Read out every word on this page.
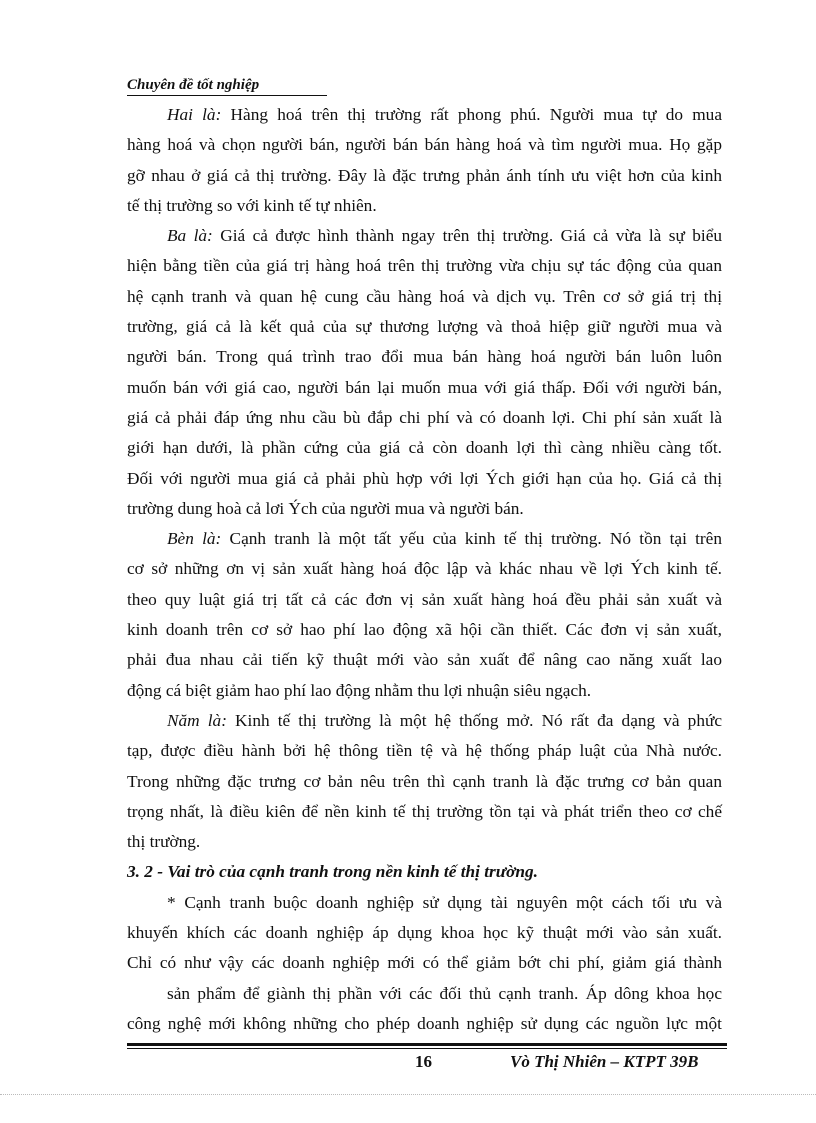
Chuyên đề tốt nghiệp
Hai là: Hàng hoá trên thị trường rất phong phú. Người mua tự do mua
hàng hoá và chọn người bán, người bán bán hàng hoá và tìm người mua. Họ gặp
gỡ nhau ở giá cả thị trường. Đây là đặc trưng phản ánh tính ưu việt hơn của kinh
tế thị trường so với kinh tế tự nhiên.
Ba là: Giá cả được hình thành ngay trên thị trường. Giá cả vừa là sự biểu
hiện bằng tiền của giá trị hàng hoá trên thị trường vừa chịu sự tác động của quan
hệ cạnh tranh và quan hệ cung cầu hàng hoá và dịch vụ. Trên cơ sở giá trị thị
trường, giá cả là kết quả của sự thương lượng và thoả hiệp giữ người mua và
người bán. Trong quá trình trao đổi mua bán hàng hoá người bán luôn luôn
muốn bán với giá cao, người bán lại muốn mua với giá thấp. Đối với người bán,
giá cả phải đáp ứng nhu cầu bù đắp chi phí và có doanh lợi. Chi phí sản xuất là
giới hạn dưới, là phần cứng của giá cả còn doanh lợi thì càng nhiều càng tốt.
Đối với người mua giá cả phải phù hợp với lợi Ých giới hạn của họ. Giá cả thị
trường dung hoà cả lơi Ých của người mua và người bán.
Bèn là: Cạnh tranh là một tất yếu của kinh tế thị trường. Nó tồn tại trên
cơ sở những ơn vị sản xuất hàng hoá độc lập và khác nhau về lợi Ých kinh tế.
theo quy luật giá trị tất cả các đơn vị sản xuất hàng hoá đều phải sản xuất và
kinh doanh trên cơ sở hao phí lao động xã hội cần thiết. Các đơn vị sản xuất,
phải đua nhau cải tiến kỹ thuật mới vào sản xuất để nâng cao năng xuất lao
động cá biệt giảm hao phí lao động nhằm thu lợi nhuận siêu ngạch.
Năm là: Kinh tế thị trường là một hệ thống mở. Nó rất đa dạng và phức
tạp, được điều hành bởi hệ thông tiền tệ và hệ thống pháp luật của Nhà nước.
Trong những đặc trưng cơ bản nêu trên thì cạnh tranh là đặc trưng cơ bản quan
trọng nhất, là điều kiên để nền kinh tế thị trường tồn tại và phát triển theo cơ chế
thị trường.
3. 2 - Vai trò của cạnh tranh trong nền kinh tế thị trường.
* Cạnh tranh buộc doanh nghiệp sử dụng tài nguyên một cách tối ưu và
khuyến khích các doanh nghiệp áp dụng khoa học kỹ thuật mới vào sản xuất.
Chỉ có như vậy các doanh nghiệp mới có thể giảm bớt chi phí, giảm giá thành
sản phẩm để giành thị phần với các đối thủ cạnh tranh. Áp dông khoa học
công nghệ mới không những cho phép doanh nghiệp sử dụng các nguồn lực một
16	Vò Thị Nhiên – KTPT 39B
